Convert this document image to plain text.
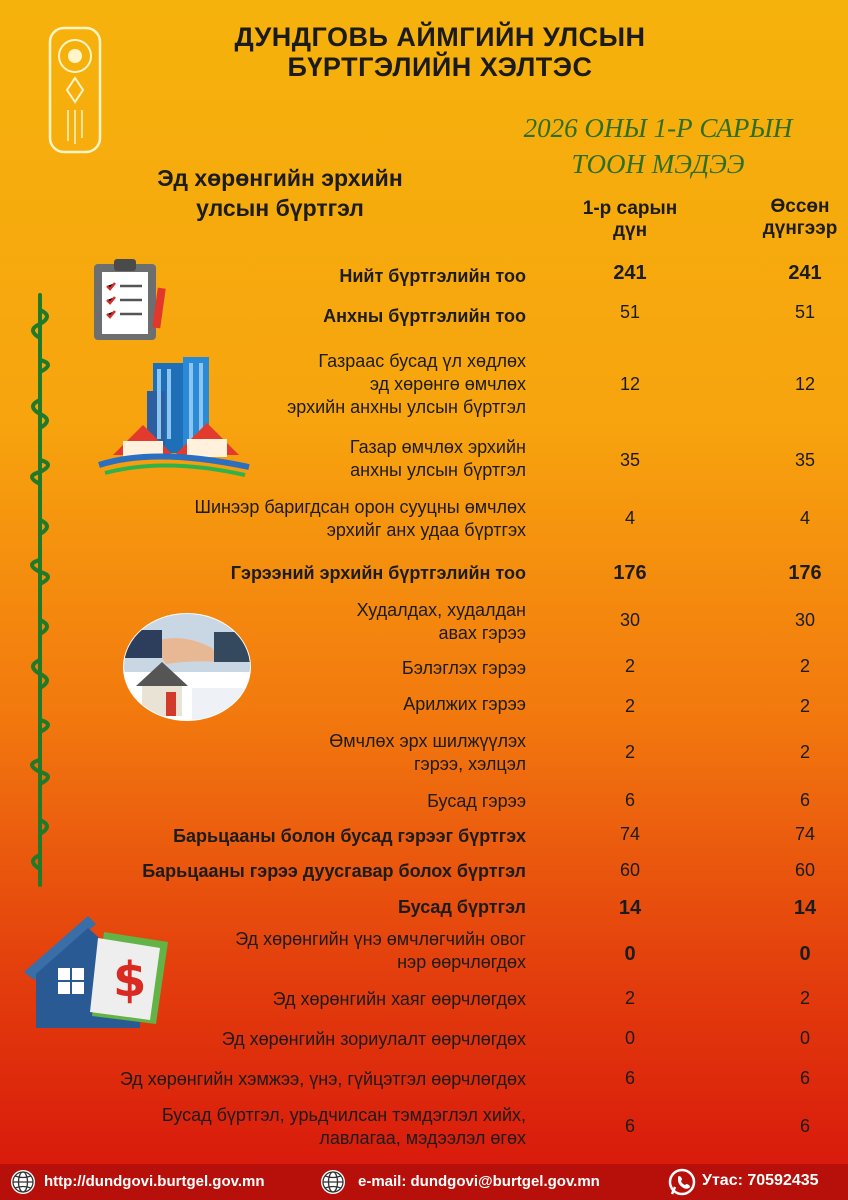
ДУНДГОВЬ АЙМГИЙН УЛСЫН
БҮРТГЭЛИЙН ХЭЛТЭС
2026 ОНЫ 1-Р САРЫН
ТООН МЭДЭЭ
Эд хөрөнгийн эрхийн
улсын бүртгэл	1-р сарын
дүн
Өссөн
дүнгээр
$
Нийт бүртгэлийн тоо	241	241
Анхны бүртгэлийн тоо	51	51
Газраас бусад үл хөдлөх
эд хөрөнгө өмчлөх
эрхийн анхны улсын бүртгэл
12	12
Газар өмчлөх эрхийн
анхны улсын бүртгэл	35	35
Шинээр баригдсан орон сууцны өмчлөх
эрхийг анх удаа бүртгэх
4	4
Гэрээний эрхийн бүртгэлийн тоо	176	176
Худалдах, худалдан
авах гэрээ
30	30
Бэлэглэх гэрээ	2	2
Арилжих гэрээ	2	2
Өмчлөх эрх шилжүүлэх
гэрээ, хэлцэл
2	2
Бусад гэрээ	6	6
Барьцааны болон бусад гэрээг бүртгэх	74	74
Барьцааны гэрээ дуусгавар болох бүртгэл	60	60
Бусад бүртгэл	14	14
Эд хөрөнгийн үнэ өмчлөгчийн овог
нэр өөрчлөгдөх	0	0
Эд хөрөнгийн хаяг өөрчлөгдөх	2	2
Эд хөрөнгийн зориулалт өөрчлөгдөх	0	0
Эд хөрөнгийн хэмжээ, үнэ, гүйцэтгэл өөрчлөгдөх	6	6
Бусад бүртгэл, урьдчилсан тэмдэглэл хийх,
лавлагаа, мэдээлэл өгөх
6	6
http://dundgovi.burtgel.gov.mn	e-mail: dundgovi@burtgel.gov.mn	Утас: 70592435
